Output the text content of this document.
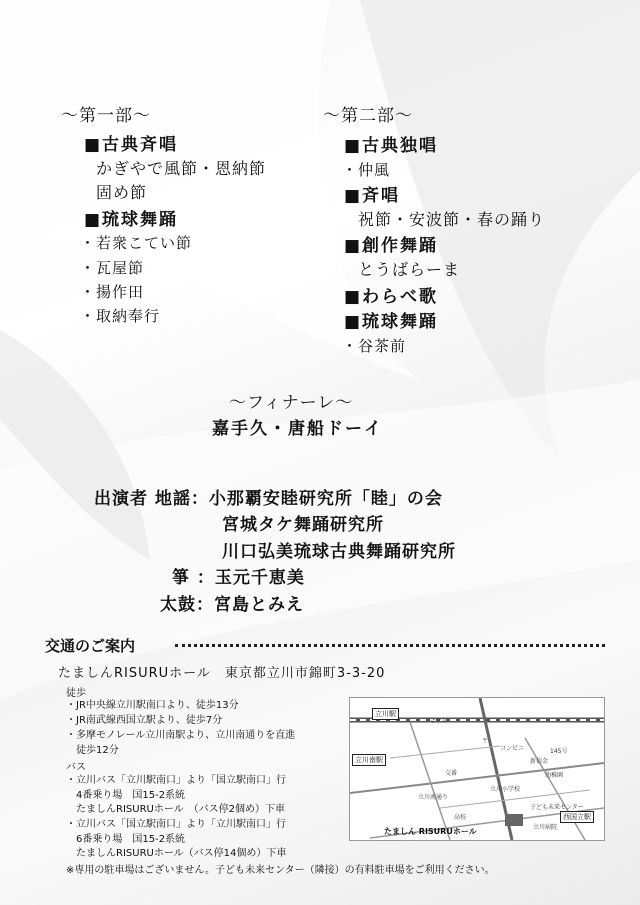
〜第一部〜
■古典斉唱
かぎやで風節・恩納節
固め節
■琉球舞踊
・若衆こてい節
・瓦屋節
・揚作田
・取納奉行
〜第二部〜
■古典独唱
・仲風
■斉唱
祝節・安波節・春の踊り
■創作舞踊
とうばらーま
■わらべ歌
■琉球舞踊
・谷茶前
〜フィナーレ〜
嘉手久・唐船ドーイ
出演者 地謡：小那覇安睦研究所「睦」の会
宮城タケ舞踊研究所
川口弘美琉球古典舞踊研究所
箏 ：玉元千恵美
太鼓：宮島とみえ
交通のご案内
たましんRISURUホール　東京都立川市錦町3-3-20
徒歩
・JR中央線立川駅南口より、徒歩13分
・JR南武線西国立駅より、徒歩7分
・多摩モノレール立川南駅より、立川南通りを直進
　徒歩12分
バス
・立川バス「立川駅南口」より「国立駅南口」行
　4番乗り場　国15-2系統
　たましんRISURUホール　（バス停2個め）下車
・立川バス「国立駅南口」より「立川駅南口」行
　6番乗り場　国15-2系統
　たましんRISURUホール（バス停14個め）下車
※専用の駐車場はございません。子ども未来センター（隣接）の有料駐車場をご利用ください。
立川駅
立川南駅
西国立駅
たましん RISURUホール
ホテル
コンビニ	145号
新信金
幼稚園
交番
立川小学校
子ども未来センター
立川病院
高校
立川南通り
〒
